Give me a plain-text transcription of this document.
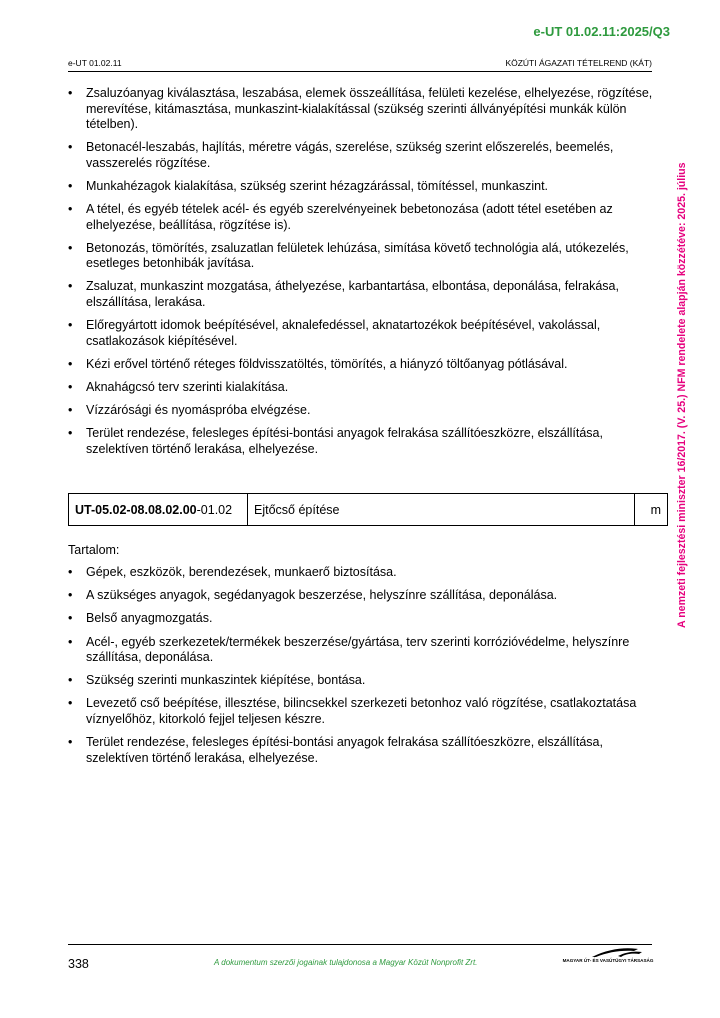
e-UT 01.02.11:2025/Q3
e-UT 01.02.11	KÖZÚTI ÁGAZATI TÉTELREND (KÁT)
A nemzeti fejlesztési miniszter 16/2017. (V. 25.) NFM rendelete alapján közzétéve: 2025. július
• Zsaluzóanyag kiválasztása, leszabása, elemek összeállítása, felületi kezelése, elhelyezése, rögzítése, merevítése, kitámasztása, munkaszint-kialakítással (szükség szerinti állványépítési munkák külön tételben).
• Betonacél-leszabás, hajlítás, méretre vágás, szerelése, szükség szerint előszerelés, beemelés, vasszerelés rögzítése.
• Munkahézagok kialakítása, szükség szerint hézagzárással, tömítéssel, munkaszint.
• A tétel, és egyéb tételek acél- és egyéb szerelvényeinek bebetonozása (adott tétel esetében az elhelyezése, beállítása, rögzítése is).
• Betonozás, tömörítés, zsaluzatlan felületek lehúzása, simítása követő technológia alá, utókezelés, esetleges betonhibák javítása.
• Zsaluzat, munkaszint mozgatása, áthelyezése, karbantartása, elbontása, deponálása, felrakása, elszállítása, lerakása.
• Előregyártott idomok beépítésével, aknalefedéssel, aknatartozékok beépítésével, vakolással, csatlakozások kiépítésével.
• Kézi erővel történő réteges földvisszatöltés, tömörítés, a hiányzó töltőanyag pótlásával.
• Aknahágcsó terv szerinti kialakítása.
• Vízzárósági és nyomáspróba elvégzése.
• Terület rendezése, felesleges építési-bontási anyagok felrakása szállítóeszközre, elszállítása, szelektíven történő lerakása, elhelyezése.
UT-05.02-08.08.02.00-01.02	Ejtőcső építése	m
Tartalom:
• Gépek, eszközök, berendezések, munkaerő biztosítása.
• A szükséges anyagok, segédanyagok beszerzése, helyszínre szállítása, deponálása.
• Belső anyagmozgatás.
• Acél-, egyéb szerkezetek/termékek beszerzése/gyártása, terv szerinti korrózióvédelme, helyszínre szállítása, deponálása.
• Szükség szerinti munkaszintek kiépítése, bontása.
• Levezető cső beépítése, illesztése, bilincsekkel szerkezeti betonhoz való rögzítése, csatlakoztatása víznyelőhöz, kitorkoló fejjel teljesen készre.
• Terület rendezése, felesleges építési-bontási anyagok felrakása szállítóeszközre, elszállítása, szelektíven történő lerakása, elhelyezése.
338	A dokumentum szerzői jogainak tulajdonosa a Magyar Közút Nonprofit Zrt.	MAGYAR ÚT- ÉS VASÚTÜGYI TÁRSASÁG
